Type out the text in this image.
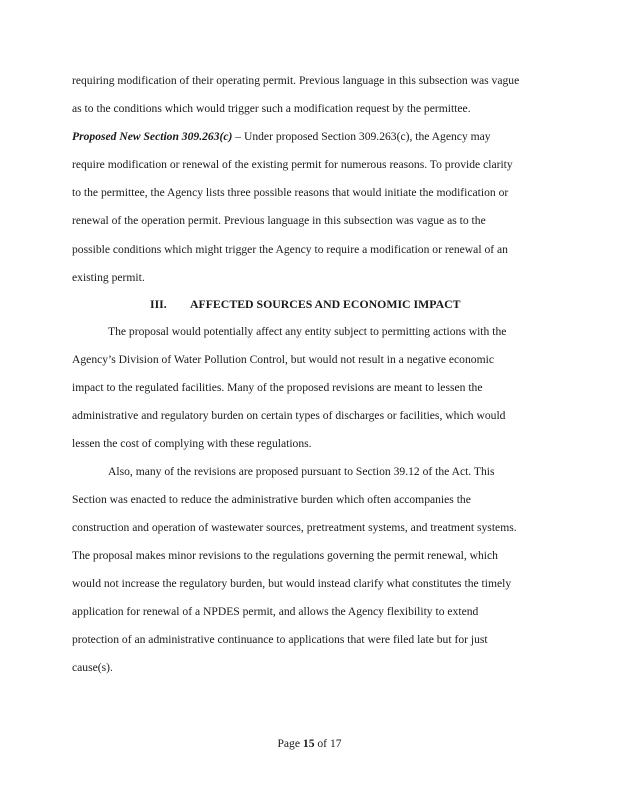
requiring modification of their operating permit. Previous language in this subsection was vague
as to the conditions which would trigger such a modification request by the permittee.
Proposed New Section 309.263(c) – Under proposed Section 309.263(c), the Agency may
require modification or renewal of the existing permit for numerous reasons. To provide clarity
to the permittee, the Agency lists three possible reasons that would initiate the modification or
renewal of the operation permit. Previous language in this subsection was vague as to the
possible conditions which might trigger the Agency to require a modification or renewal of an
existing permit.
III. AFFECTED SOURCES AND ECONOMIC IMPACT
The proposal would potentially affect any entity subject to permitting actions with the
Agency’s Division of Water Pollution Control, but would not result in a negative economic
impact to the regulated facilities. Many of the proposed revisions are meant to lessen the
administrative and regulatory burden on certain types of discharges or facilities, which would
lessen the cost of complying with these regulations.
Also, many of the revisions are proposed pursuant to Section 39.12 of the Act. This
Section was enacted to reduce the administrative burden which often accompanies the
construction and operation of wastewater sources, pretreatment systems, and treatment systems.
The proposal makes minor revisions to the regulations governing the permit renewal, which
would not increase the regulatory burden, but would instead clarify what constitutes the timely
application for renewal of a NPDES permit, and allows the Agency flexibility to extend
protection of an administrative continuance to applications that were filed late but for just
cause(s).
Page 15 of 17
